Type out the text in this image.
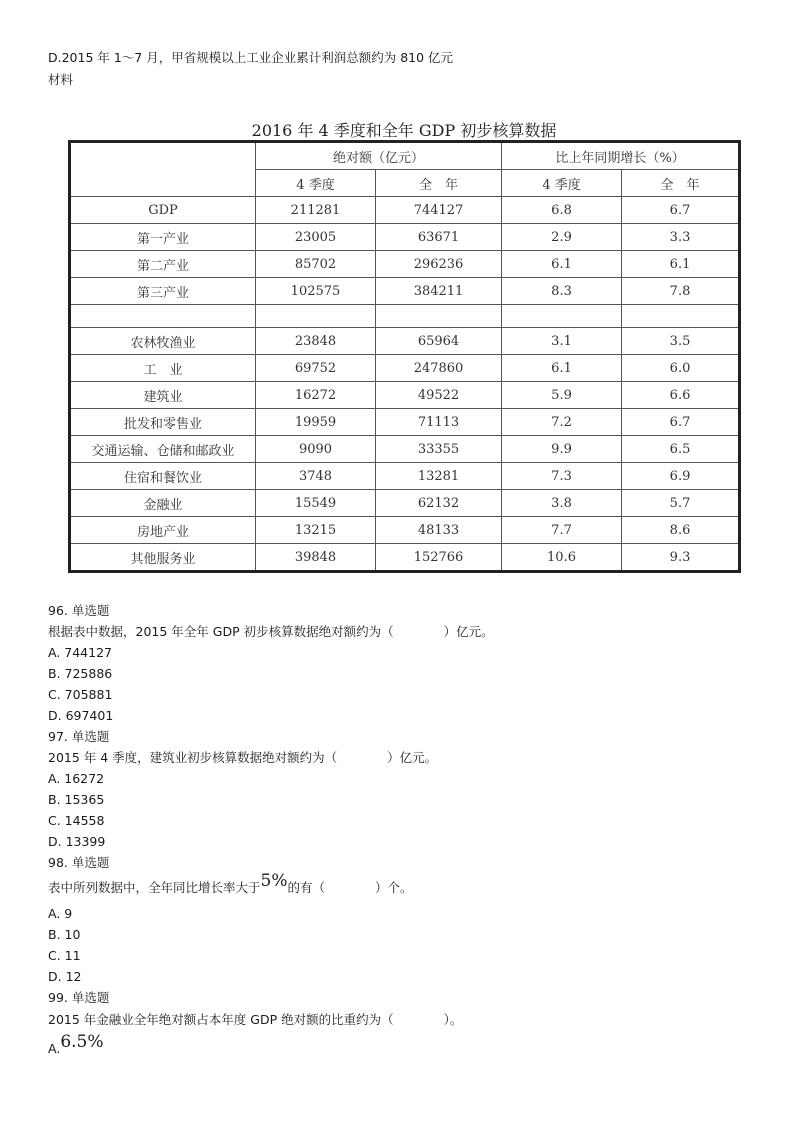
D.2015 年 1～7 月，甲省规模以上工业企业累计利润总额约为 810 亿元
材料
2016 年 4 季度和全年 GDP 初步核算数据
	绝对额（亿元）		比上年同期增长（%）	
	4 季度	全　年	4 季度	全　年
GDP	211281	744127	6.8	6.7
第一产业	23005	63671	2.9	3.3
第二产业	85702	296236	6.1	6.1
第三产业	102575	384211	8.3	7.8

农林牧渔业	23848	65964	3.1	3.5
工　业	69752	247860	6.1	6.0
建筑业	16272	49522	5.9	6.6
批发和零售业	19959	71113	7.2	6.7
交通运输、仓储和邮政业	9090	33355	9.9	6.5
住宿和餐饮业	3748	13281	7.3	6.9
金融业	15549	62132	3.8	5.7
房地产业	13215	48133	7.7	8.6
其他服务业	39848	152766	10.6	9.3
96. 单选题
根据表中数据，2015 年全年 GDP 初步核算数据绝对额约为（　　　　）亿元。
A. 744127
B. 725886
C. 705881
D. 697401
97. 单选题
2015 年 4 季度，建筑业初步核算数据绝对额约为（　　　　）亿元。
A. 16272
B. 15365
C. 14558
D. 13399
98. 单选题
表中所列数据中，全年同比增长率大于5%的有（　　　　）个。
A. 9
B. 10
C. 11
D. 12
99. 单选题
2015 年金融业全年绝对额占本年度 GDP 绝对额的比重约为（　　　　）。
A.6.5%
